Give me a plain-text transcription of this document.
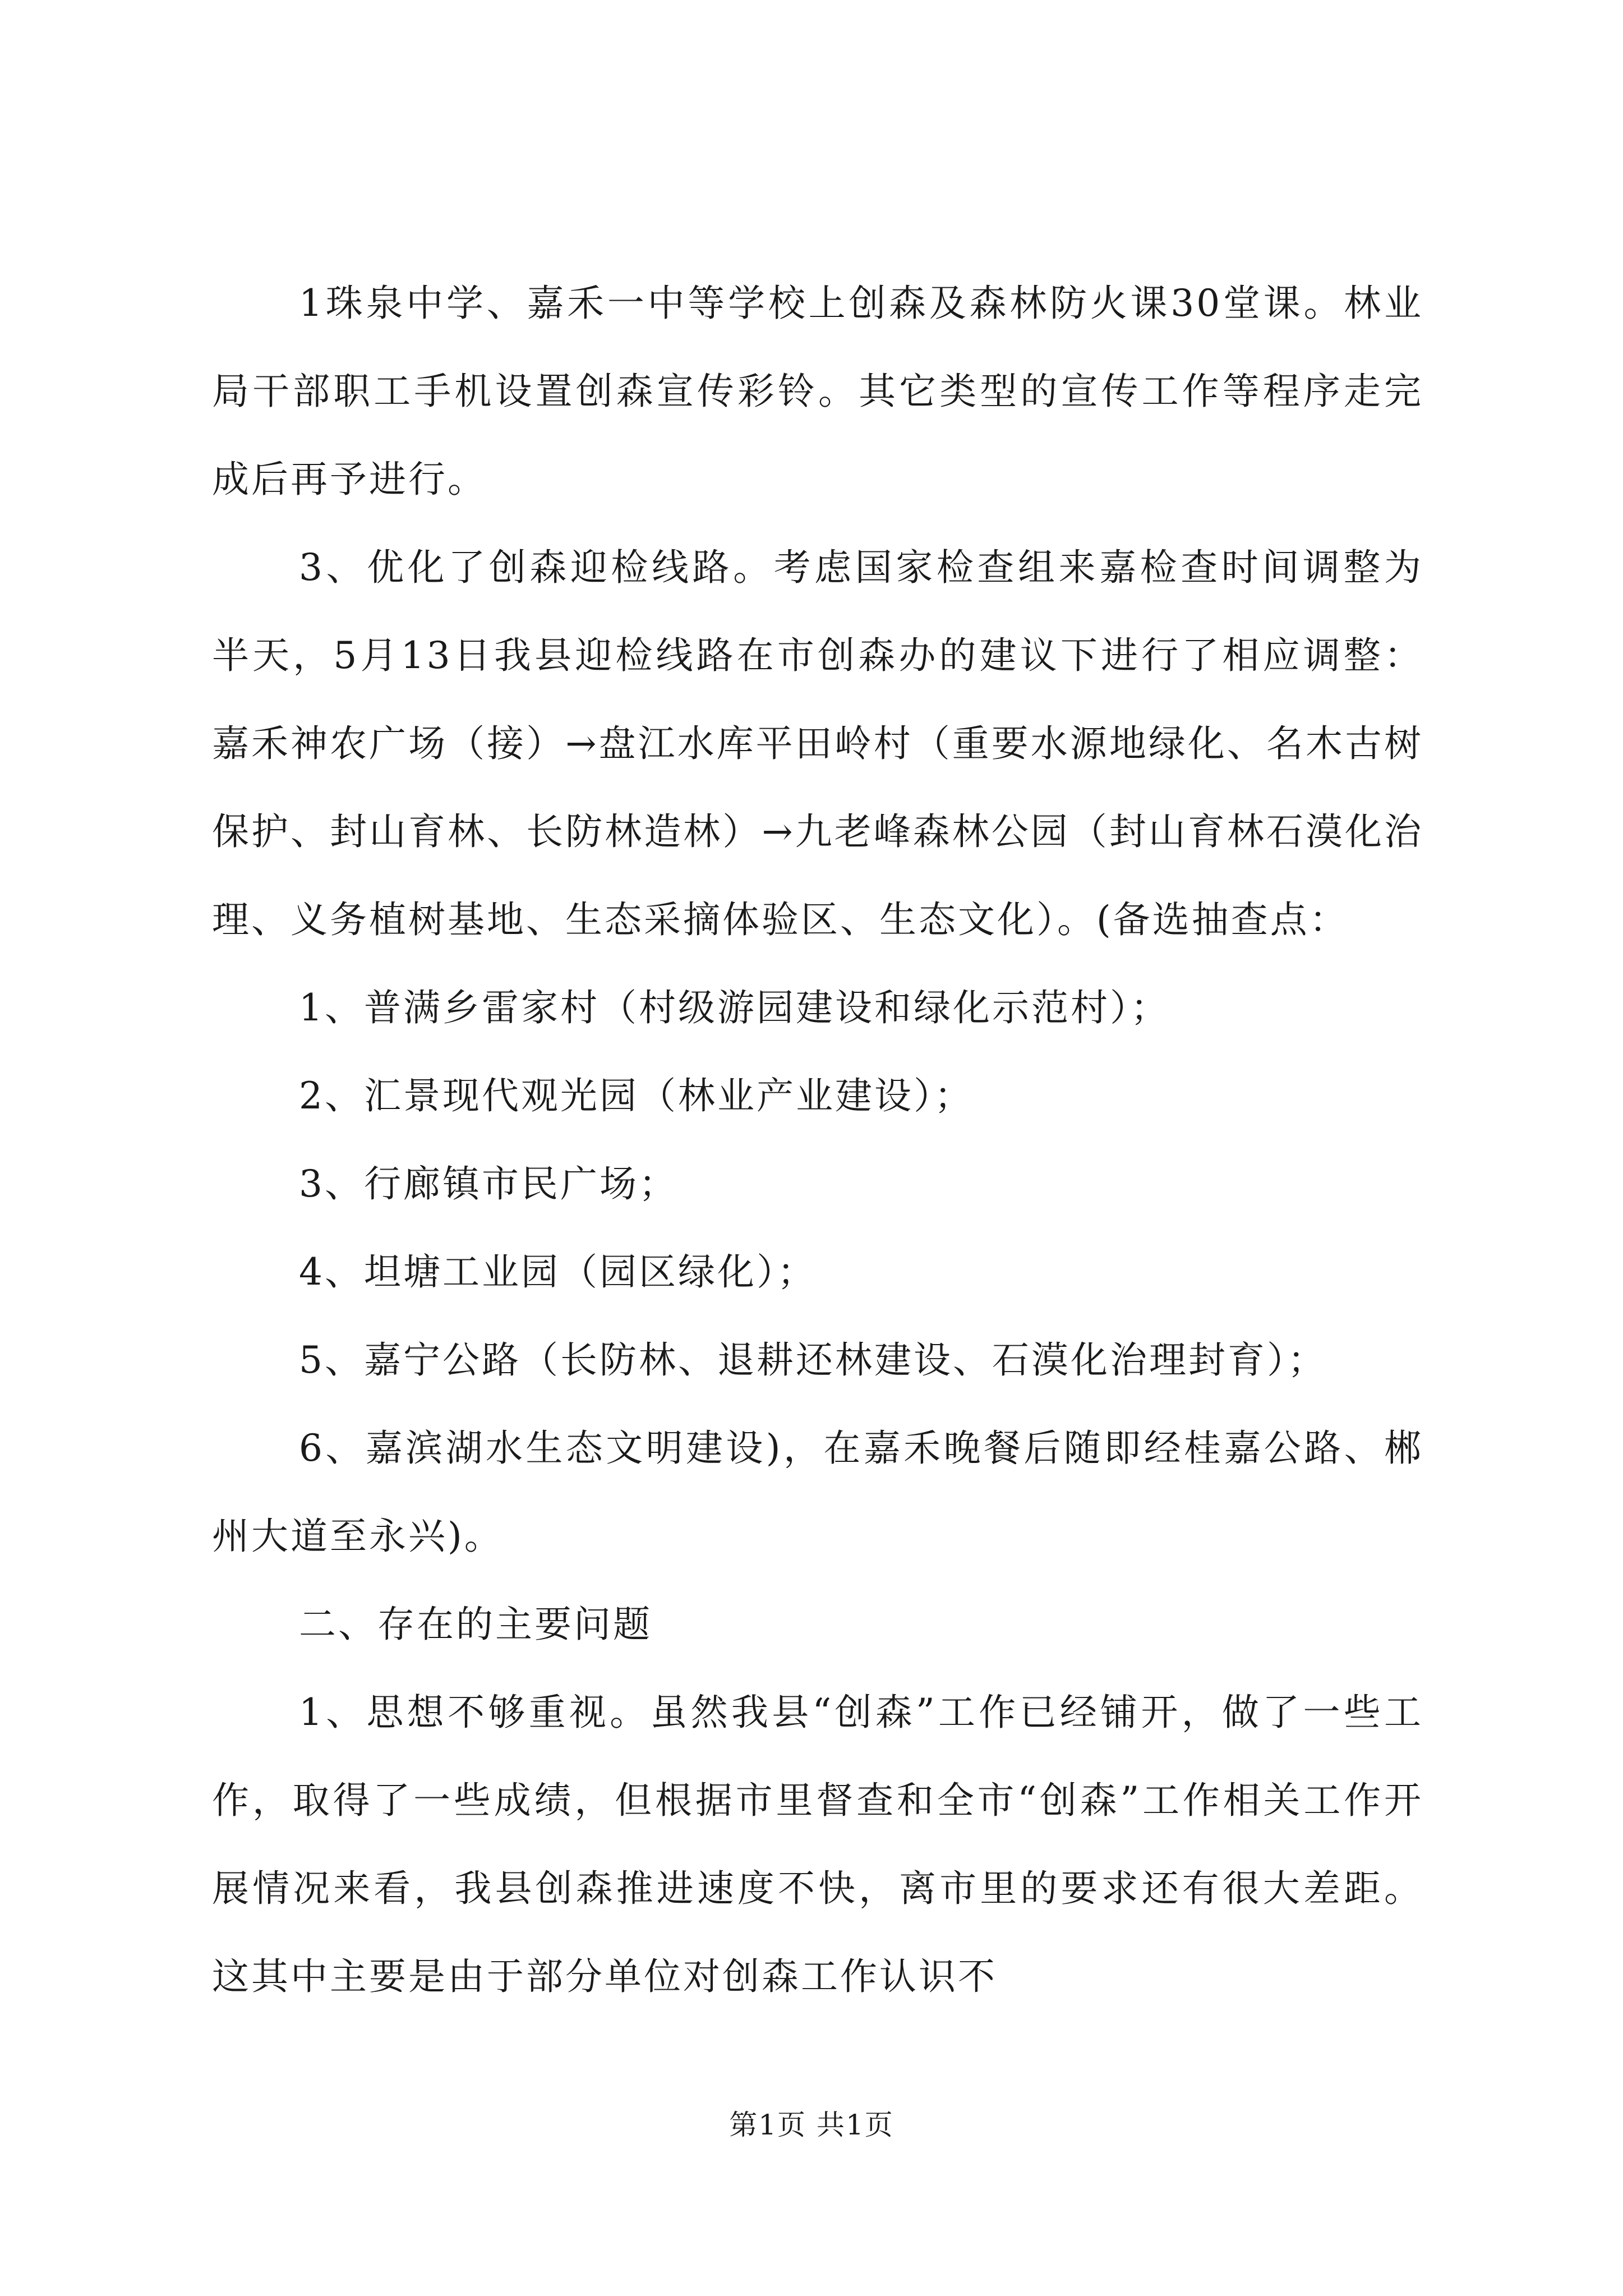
1珠泉中学、嘉禾一中等学校上创森及森林防火课30堂课。林业局干部职工手机设置创森宣传彩铃。其它类型的宣传工作等程序走完成后再予进行。

3、优化了创森迎检线路。考虑国家检查组来嘉检查时间调整为半天，5月13日我县迎检线路在市创森办的建议下进行了相应调整：嘉禾神农广场（接）→盘江水库平田岭村（重要水源地绿化、名木古树保护、封山育林、长防林造林）→九老峰森林公园（封山育林石漠化治理、义务植树基地、生态采摘体验区、生态文化）。(备选抽查点：

1、普满乡雷家村（村级游园建设和绿化示范村）；

2、汇景现代观光园（林业产业建设）；

3、行廊镇市民广场；

4、坦塘工业园（园区绿化）；

5、嘉宁公路（长防林、退耕还林建设、石漠化治理封育）；

6、嘉滨湖水生态文明建设)，在嘉禾晚餐后随即经桂嘉公路、郴州大道至永兴)。

二、存在的主要问题

1、思想不够重视。虽然我县“创森”工作已经铺开，做了一些工作，取得了一些成绩，但根据市里督查和全市“创森”工作相关工作开展情况来看，我县创森推进速度不快，离市里的要求还有很大差距。这其中主要是由于部分单位对创森工作认识不

第1页 共1页
